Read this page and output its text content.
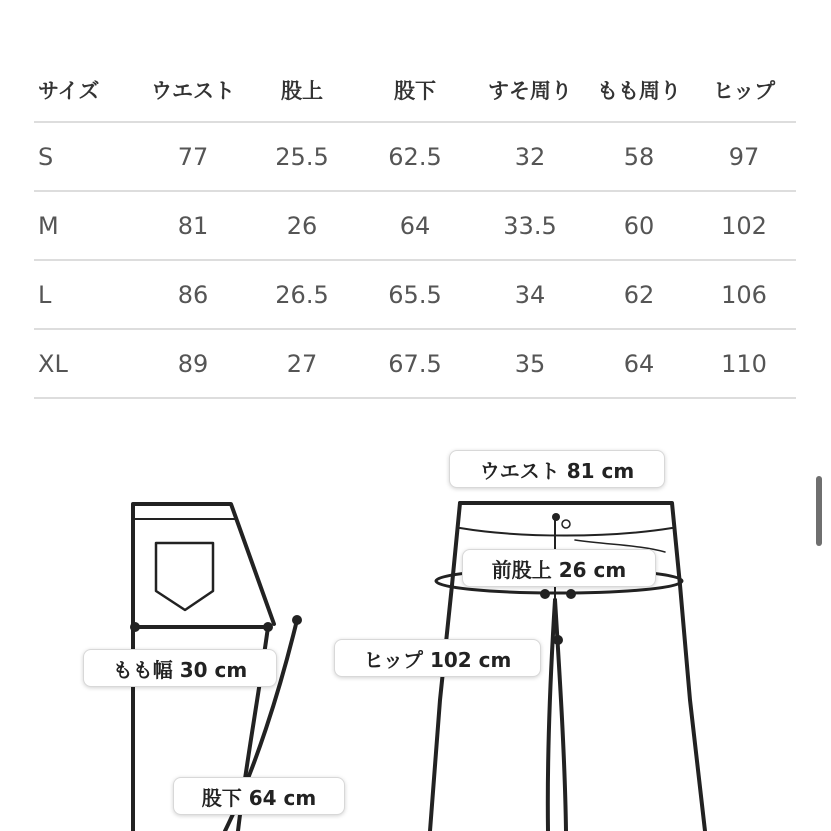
サイズ	ウエスト	股上	股下	すそ周り	もも周り	ヒップ
S	77	25.5	62.5	32	58	97
M	81	26	64	33.5	60	102
L	86	26.5	65.5	34	62	106
XL	89	27	67.5	35	64	110
ウエスト 81 cm
前股上 26 cm
ヒップ 102 cm
もも幅 30 cm
股下 64 cm
